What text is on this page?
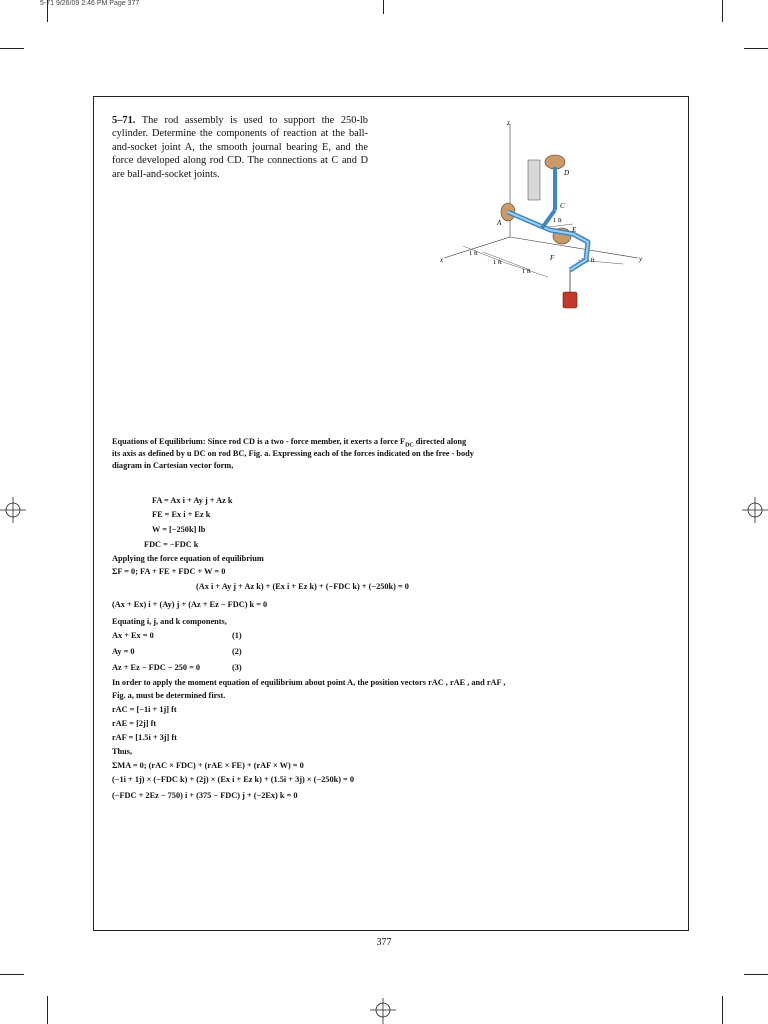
5-71 9/26/09 2:46 PM Page 377
5–71. The rod assembly is used to support the 250-lb cylinder. Determine the components of reaction at the ball-and-socket joint A, the smooth journal bearing E, and the force developed along rod CD. The connections at C and D are ball-and-socket joints.
z
x	y
1 ft
1 ft
1 ft
1 ft
1.5 ft
A
C
D
E
F
Equations of Equilibrium: Since rod CD is a two - force member, it exerts a force $F_{DC}$ directed along
its axis as defined by u DC on rod BC, Fig. a. Expressing each of the forces indicated on the free - body
diagram in Cartesian vector form,
FA = Ax i + Ay j + Az k
FE = Ex i + Ez k
W = [−250k] lb
FDC = −FDC k
Applying the force equation of equilibrium
ΣF = 0; FA + FE + FDC + W = 0
(Ax i + Ay j + Az k) + (Ex i + Ez k) + (−FDC k) + (−250k) = 0
(Ax + Ex) i + (Ay) j + (Az + Ez − FDC) k = 0
Equating i, j, and k components,
Ax + Ex = 0	(1)
Ay = 0	(2)
Az + Ez − FDC − 250 = 0	(3)
In order to apply the moment equation of equilibrium about point A, the position vectors rAC , rAE , and rAF ,
Fig. a, must be determined first.
rAC = [−1i + 1j] ft
rAE = [2j] ft
rAF = [1.5i + 3j] ft
Thus,
ΣMA = 0; (rAC × FDC) + (rAE × FE) + (rAF × W) = 0
(−1i + 1j) × (−FDC k) + (2j) × (Ex i + Ez k) + (1.5i + 3j) × (−250k) = 0
(−FDC + 2Ez − 750) i + (375 − FDC) j + (−2Ex) k = 0
377
